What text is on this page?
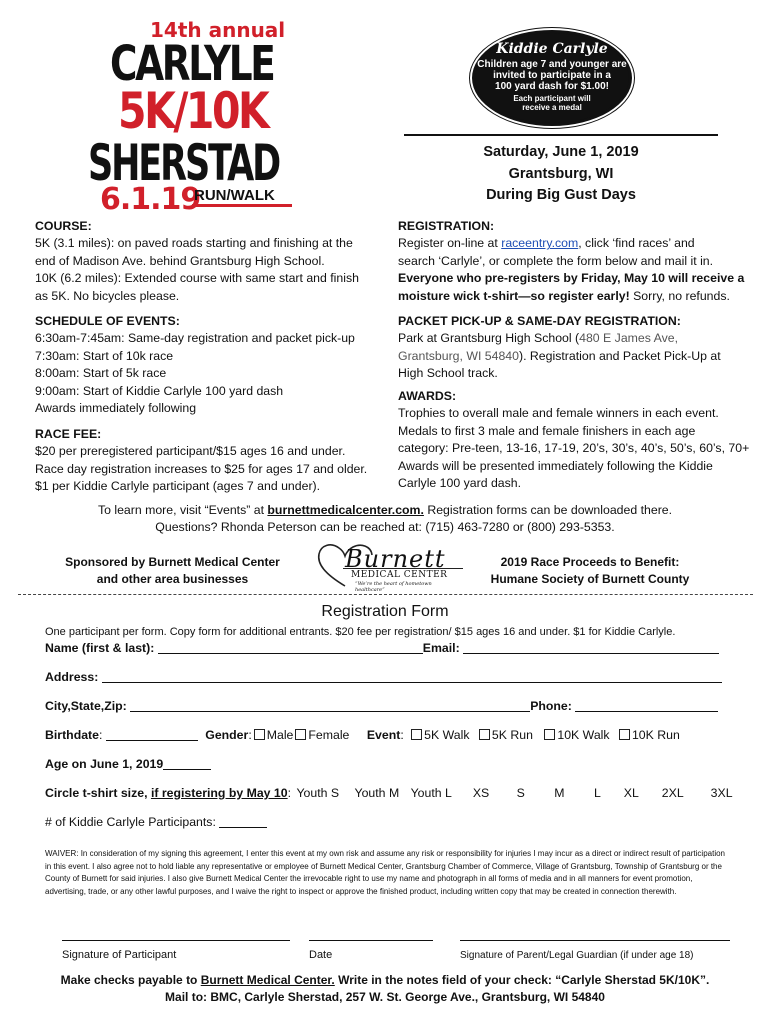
14th annual
CARLYLE
5K/10K
SHERSTAD
6.1.19
RUN/WALK
Kiddie Carlyle
Children age 7 and younger are
invited to participate in a
100 yard dash for $1.00!
Each participant will
receive a medal
Saturday, June 1, 2019
Grantsburg, WI
During Big Gust Days

COURSE:

5K (3.1 miles): on paved roads starting and finishing at the

end of Madison Ave. behind Grantsburg High School.

10K (6.2 miles): Extended course with same start and finish

as 5K. No bicycles please.

SCHEDULE OF EVENTS:

6:30am-7:45am: Same-day registration and packet pick-up

7:30am: Start of 10k race

8:00am: Start of 5k race

9:00am: Start of Kiddie Carlyle 100 yard dash

Awards immediately following

RACE FEE:

$20 per preregistered participant/$15 ages 16 and under.

Race day registration increases to $25 for ages 17 and older.

$1 per Kiddie Carlyle participant (ages 7 and under).

REGISTRATION:

Register on-line at raceentry.com, click ‘find races’ and

search ‘Carlyle’, or complete the form below and mail it in.

Everyone who pre-registers by Friday, May 10 will receive a

moisture wick t-shirt—so register early! Sorry, no refunds.

PACKET PICK-UP & SAME-DAY REGISTRATION:

Park at Grantsburg High School (480 E James Ave,

Grantsburg, WI 54840). Registration and Packet Pick-Up at

High School track.

AWARDS:

Trophies to overall male and female winners in each event.

Medals to first 3 male and female finishers in each age

category: Pre-teen, 13-16, 17-19, 20’s, 30’s, 40’s, 50’s, 60’s, 70+

Awards will be presented immediately following the Kiddie

Carlyle 100 yard dash.

To learn more, visit “Events” at burnettmedicalcenter.com. Registration forms can be downloaded there.
Questions? Rhonda Peterson can be reached at: (715) 463-7280 or (800) 293-5353.
Sponsored by Burnett Medical Center
and other area businesses
Burnett
MEDICAL CENTER
“We’re the heart of hometown healthcare”
2019 Race Proceeds to Benefit:
Humane Society of Burnett County
Registration Form
One participant per form. Copy form for additional entrants. $20 fee per registration/ $15 ages 16 and under. $1 for Kiddie Carlyle.
Name (first & last):	Email:
Address:
City,State,Zip:	Phone:
Birthdate:	Gender: Male Female Event: 5K Walk 5K Run 10K Walk 10K Run
Age on June 1, 2019
Circle t-shirt size, if registering by May 10: Youth S Youth M Youth L XS S M L XL 2XL 3XL
# of Kiddie Carlyle Participants:
WAIVER: In consideration of my signing this agreement, I enter this event at my own risk and assume any risk or responsibility for injuries I may incur as a direct or indirect result of participation in this event. I also agree not to hold liable any representative or employee of Burnett Medical Center, Grantsburg Chamber of Commerce, Village of Grantsburg, Township of Grantsburg or the County of Burnett for said injuries. I also give Burnett Medical Center the irrevocable right to use my name and photograph in all forms of media and in all manners for event promotion, advertising, trade, or any other lawful purposes, and I waive the right to inspect or approve the finished product, including written copy that may be created in connection therewith.
Signature of Participant	Date	Signature of Parent/Legal Guardian (if under age 18)
Make checks payable to Burnett Medical Center. Write in the notes field of your check: “Carlyle Sherstad 5K/10K”.
Mail to: BMC, Carlyle Sherstad, 257 W. St. George Ave., Grantsburg, WI 54840
